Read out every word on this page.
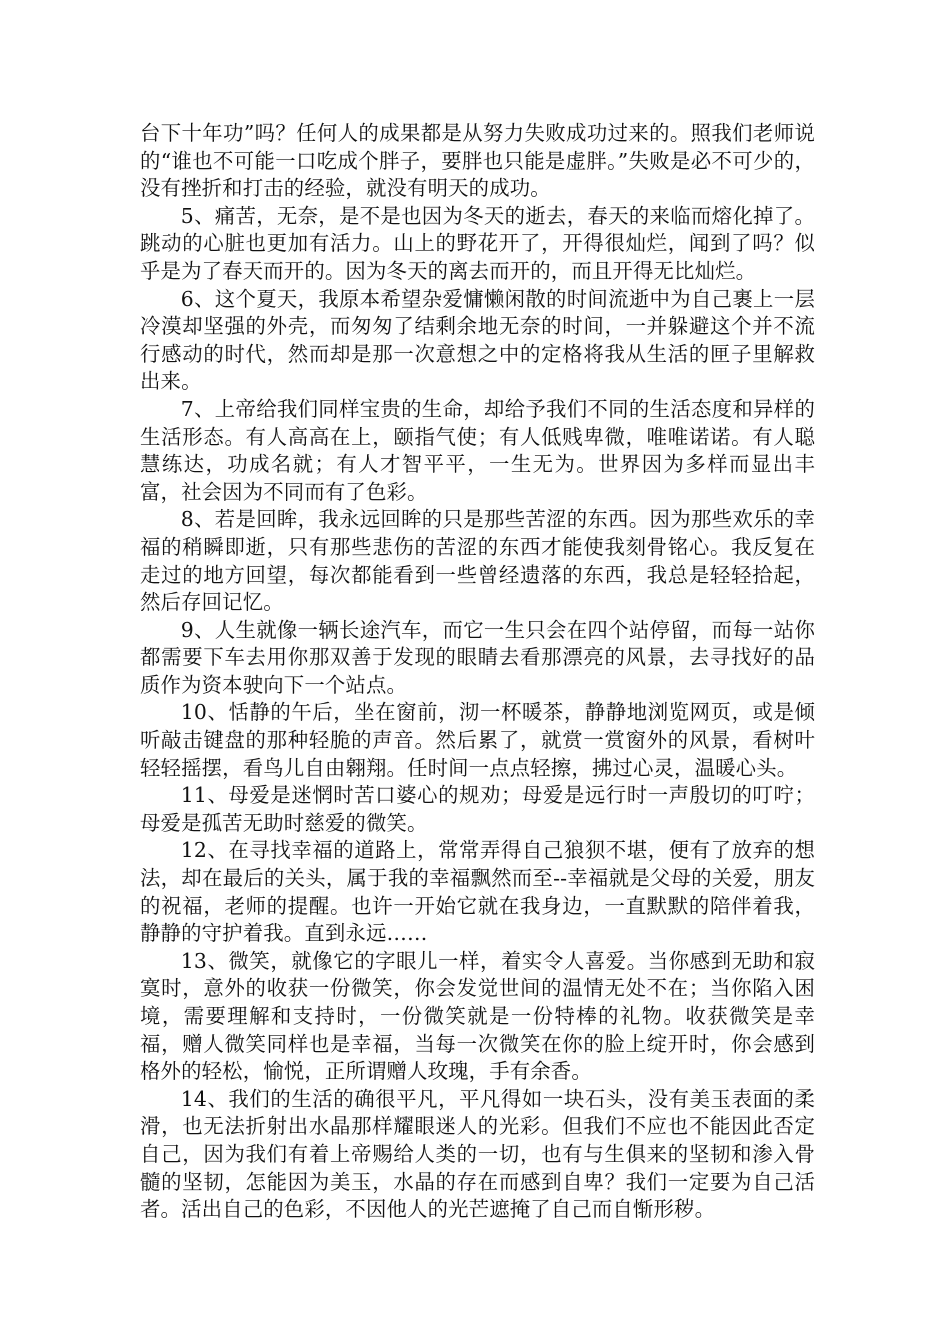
台下十年功”吗？任何人的成果都是从努力失败成功过来的。照我们老师说的“谁也不可能一口吃成个胖子，要胖也只能是虚胖。”失败是必不可少的，没有挫折和打击的经验，就没有明天的成功。

5、痛苦，无奈，是不是也因为冬天的逝去，春天的来临而熔化掉了。跳动的心脏也更加有活力。山上的野花开了，开得很灿烂，闻到了吗？似乎是为了春天而开的。因为冬天的离去而开的，而且开得无比灿烂。

6、这个夏天，我原本希望杂爱慵懒闲散的时间流逝中为自己裹上一层冷漠却坚强的外壳，而匆匆了结剩余地无奈的时间，一并躲避这个并不流行感动的时代，然而却是那一次意想之中的定格将我从生活的匣子里解救出来。

7、上帝给我们同样宝贵的生命，却给予我们不同的生活态度和异样的生活形态。有人高高在上，颐指气使；有人低贱卑微，唯唯诺诺。有人聪慧练达，功成名就；有人才智平平，一生无为。世界因为多样而显出丰富，社会因为不同而有了色彩。

8、若是回眸，我永远回眸的只是那些苦涩的东西。因为那些欢乐的幸福的稍瞬即逝，只有那些悲伤的苦涩的东西才能使我刻骨铭心。我反复在走过的地方回望，每次都能看到一些曾经遗落的东西，我总是轻轻拾起，然后存回记忆。

9、人生就像一辆长途汽车，而它一生只会在四个站停留，而每一站你都需要下车去用你那双善于发现的眼睛去看那漂亮的风景，去寻找好的品质作为资本驶向下一个站点。

10、恬静的午后，坐在窗前，沏一杯暖茶，静静地浏览网页，或是倾听敲击键盘的那种轻脆的声音。然后累了，就赏一赏窗外的风景，看树叶轻轻摇摆，看鸟儿自由翱翔。任时间一点点轻擦，拂过心灵，温暖心头。

11、母爱是迷惘时苦口婆心的规劝；母爱是远行时一声殷切的叮咛；母爱是孤苦无助时慈爱的微笑。

12、在寻找幸福的道路上，常常弄得自己狼狈不堪，便有了放弃的想法，却在最后的关头，属于我的幸福飘然而至--幸福就是父母的关爱，朋友的祝福，老师的提醒。也许一开始它就在我身边，一直默默的陪伴着我，静静的守护着我。直到永远……

13、微笑，就像它的字眼儿一样，着实令人喜爱。当你感到无助和寂寞时，意外的收获一份微笑，你会发觉世间的温情无处不在；当你陷入困境，需要理解和支持时，一份微笑就是一份特棒的礼物。收获微笑是幸福，赠人微笑同样也是幸福，当每一次微笑在你的脸上绽开时，你会感到格外的轻松，愉悦，正所谓赠人玫瑰，手有余香。

14、我们的生活的确很平凡，平凡得如一块石头，没有美玉表面的柔滑，也无法折射出水晶那样耀眼迷人的光彩。但我们不应也不能因此否定自己，因为我们有着上帝赐给人类的一切，也有与生俱来的坚韧和渗入骨髓的坚韧，怎能因为美玉，水晶的存在而感到自卑？我们一定要为自己活者。活出自己的色彩，不因他人的光芒遮掩了自己而自惭形秽。
